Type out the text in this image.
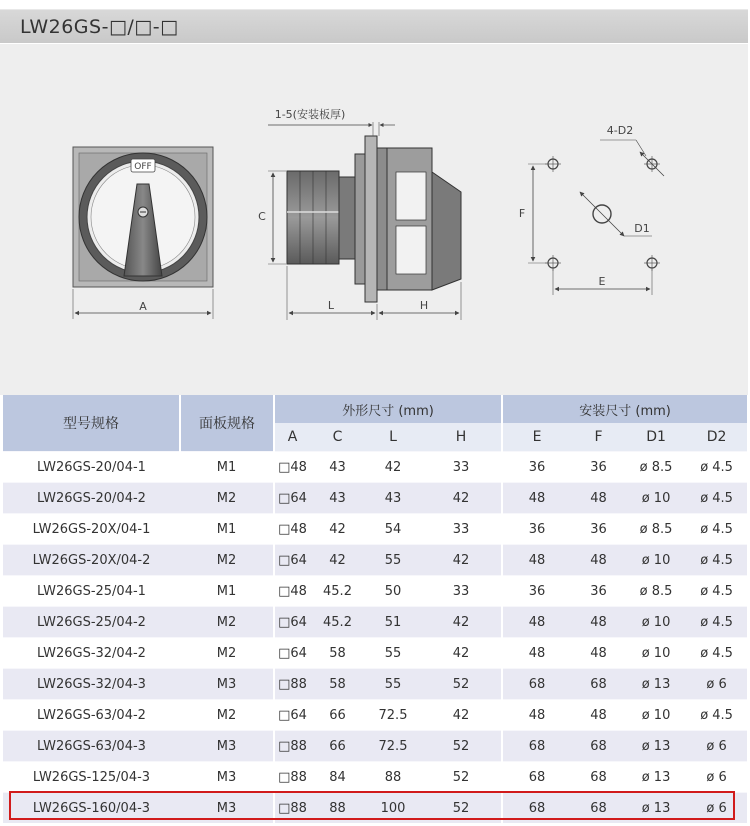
LW26GS-□/□-□
OFF
A
1-5(安装板厚)
C
L	H
D1
4-D2
F
E
型号规格	面板规格	外形尺寸 (mm)				安装尺寸 (mm)			
		A	C	L	H	E	F	D1	D2
LW26GS-20/04-1	M1	□48	43	42	33	36	36	ø 8.5	ø 4.5
LW26GS-20/04-2	M2	□64	43	43	42	48	48	ø 10	ø 4.5
LW26GS-20X/04-1	M1	□48	42	54	33	36	36	ø 8.5	ø 4.5
LW26GS-20X/04-2	M2	□64	42	55	42	48	48	ø 10	ø 4.5
LW26GS-25/04-1	M1	□48	45.2	50	33	36	36	ø 8.5	ø 4.5
LW26GS-25/04-2	M2	□64	45.2	51	42	48	48	ø 10	ø 4.5
LW26GS-32/04-2	M2	□64	58	55	42	48	48	ø 10	ø 4.5
LW26GS-32/04-3	M3	□88	58	55	52	68	68	ø 13	ø 6
LW26GS-63/04-2	M2	□64	66	72.5	42	48	48	ø 10	ø 4.5
LW26GS-63/04-3	M3	□88	66	72.5	52	68	68	ø 13	ø 6
LW26GS-125/04-3	M3	□88	84	88	52	68	68	ø 13	ø 6
LW26GS-160/04-3	M3	□88	88	100	52	68	68	ø 13	ø 6
